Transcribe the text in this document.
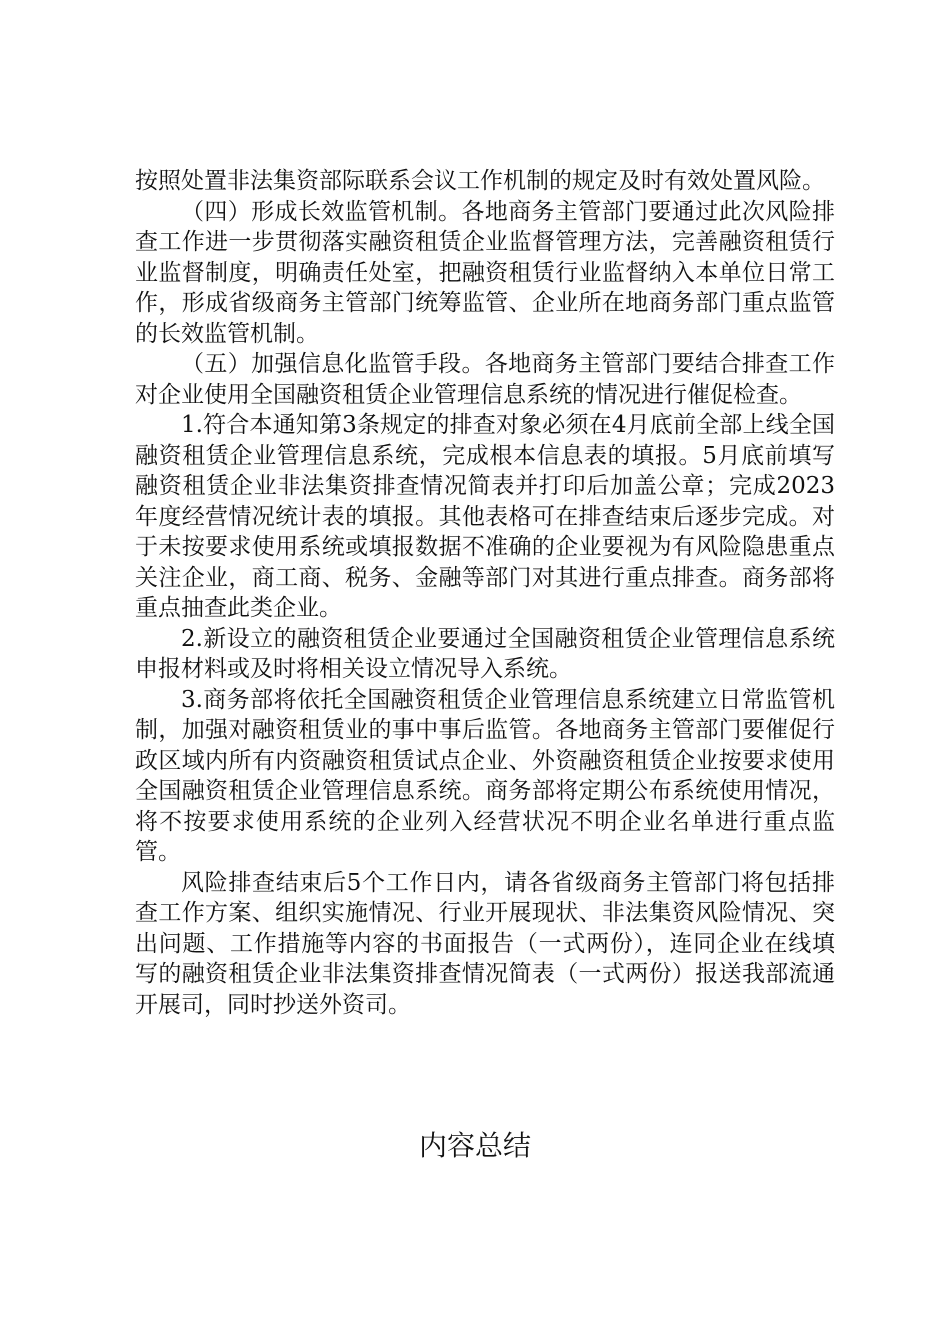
按照处置非法集资部际联系会议工作机制的规定及时有效处置风险。

（四）形成长效监管机制。各地商务主管部门要通过此次风险排查工作进一步贯彻落实融资租赁企业监督管理方法，完善融资租赁行业监督制度，明确责任处室，把融资租赁行业监督纳入本单位日常工作，形成省级商务主管部门统筹监管、企业所在地商务部门重点监管的长效监管机制。

（五）加强信息化监管手段。各地商务主管部门要结合排查工作对企业使用全国融资租赁企业管理信息系统的情况进行催促检查。

1.符合本通知第3条规定的排查对象必须在4月底前全部上线全国融资租赁企业管理信息系统，完成根本信息表的填报。5月底前填写融资租赁企业非法集资排查情况简表并打印后加盖公章；完成2023年度经营情况统计表的填报。其他表格可在排查结束后逐步完成。对于未按要求使用系统或填报数据不准确的企业要视为有风险隐患重点关注企业，商工商、税务、金融等部门对其进行重点排查。商务部将重点抽查此类企业。

2.新设立的融资租赁企业要通过全国融资租赁企业管理信息系统申报材料或及时将相关设立情况导入系统。

3.商务部将依托全国融资租赁企业管理信息系统建立日常监管机制，加强对融资租赁业的事中事后监管。各地商务主管部门要催促行政区域内所有内资融资租赁试点企业、外资融资租赁企业按要求使用全国融资租赁企业管理信息系统。商务部将定期公布系统使用情况，将不按要求使用系统的企业列入经营状况不明企业名单进行重点监管。

风险排查结束后5个工作日内，请各省级商务主管部门将包括排查工作方案、组织实施情况、行业开展现状、非法集资风险情况、突出问题、工作措施等内容的书面报告（一式两份），连同企业在线填写的融资租赁企业非法集资排查情况简表（一式两份）报送我部流通开展司，同时抄送外资司。

内容总结
